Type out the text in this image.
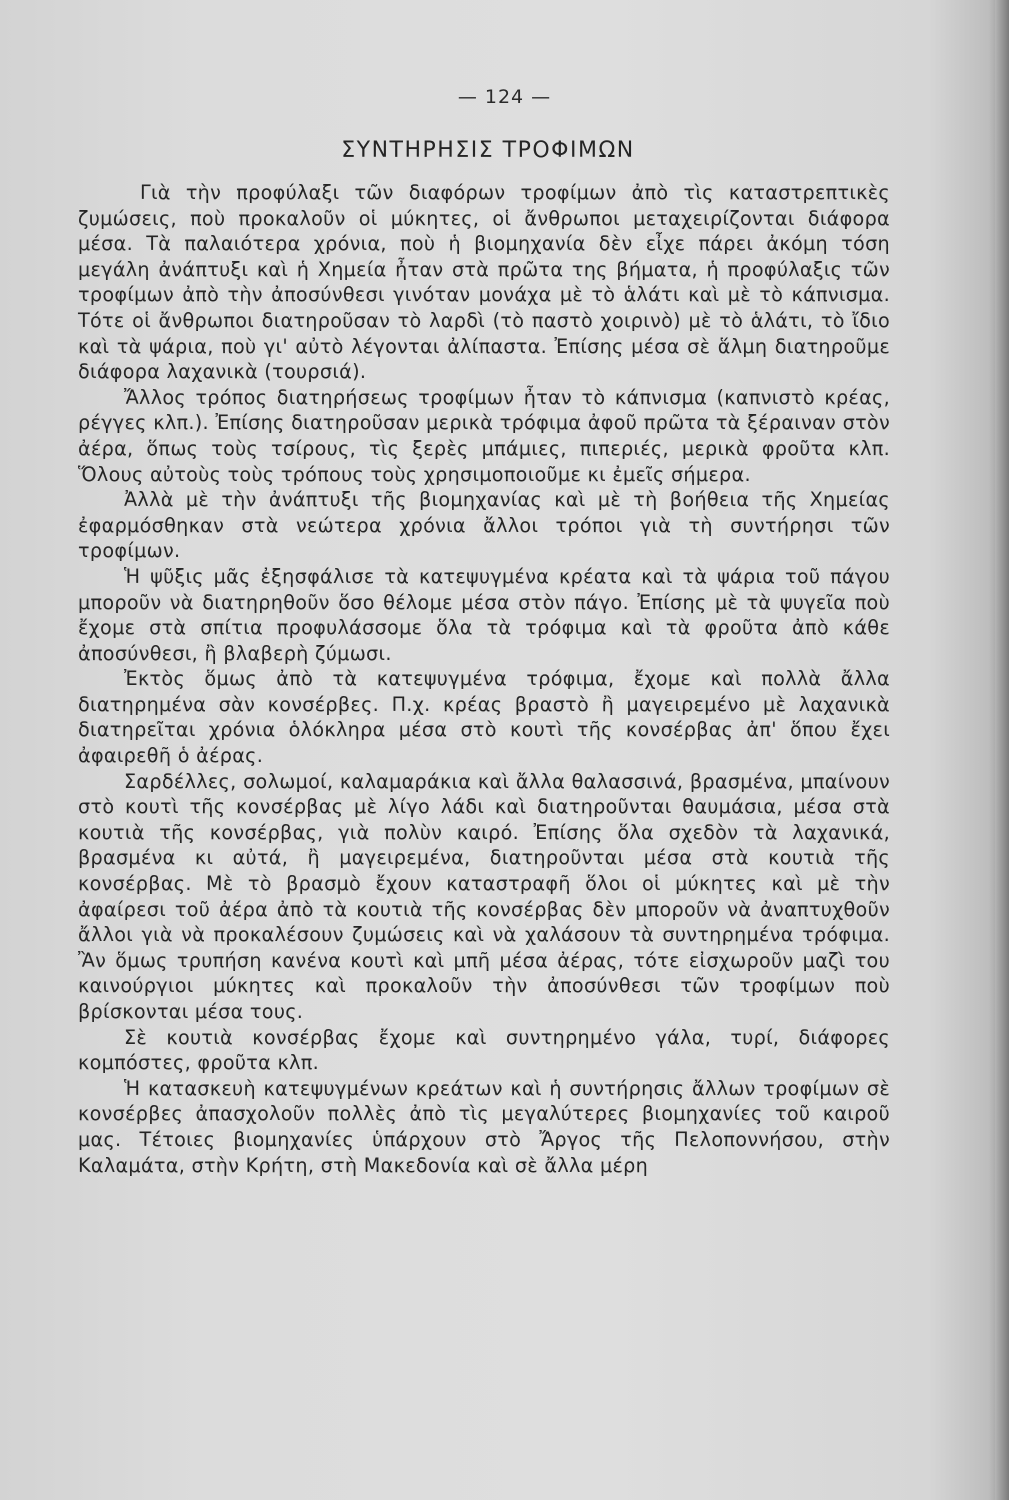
— 124 —
ΣΥΝΤΗΡΗΣΙΣ ΤΡΟΦΙΜΩΝ

Γιὰ τὴν προφύλαξι τῶν διαφόρων τροφίμων ἀπὸ τὶς καταστρεπτικὲς ζυμώσεις, ποὺ προκαλοῦν οἱ μύκητες, οἱ ἄνθρωποι μεταχειρίζονται διάφορα μέσα. Τὰ παλαιότερα χρόνια, ποὺ ἡ βιομηχανία δὲν εἶχε πάρει ἀκόμη τόση μεγάλη ἀνάπτυξι καὶ ἡ Χημεία ἦταν στὰ πρῶτα της βήματα, ἡ προφύλαξις τῶν τροφίμων ἀπὸ τὴν ἀποσύνθεσι γινόταν μονάχα μὲ τὸ ἁλάτι καὶ μὲ τὸ κάπνισμα. Τότε οἱ ἄνθρωποι διατηροῦσαν τὸ λαρδὶ (τὸ παστὸ χοιρινὸ) μὲ τὸ ἁλάτι, τὸ ἴδιο καὶ τὰ ψάρια, ποὺ γι' αὐτὸ λέγονται ἀλίπαστα. Ἐπίσης μέσα σὲ ἅλμη διατηροῦμε διάφορα λαχανικὰ (τουρσιά).

Ἄλλος τρόπος διατηρήσεως τροφίμων ἦταν τὸ κάπνισμα (καπνιστὸ κρέας, ρέγγες κλπ.). Ἐπίσης διατηροῦσαν μερικὰ τρόφιμα ἀφοῦ πρῶτα τὰ ξέραιναν στὸν ἀέρα, ὅπως τοὺς τσίρους, τὶς ξερὲς μπάμιες, πιπεριές, μερικὰ φροῦτα κλπ. Ὅλους αὐτοὺς τοὺς τρόπους τοὺς χρησιμοποιοῦμε κι ἐμεῖς σήμερα.

Ἀλλὰ μὲ τὴν ἀνάπτυξι τῆς βιομηχανίας καὶ μὲ τὴ βοήθεια τῆς Χημείας ἐφαρμόσθηκαν στὰ νεώτερα χρόνια ἄλλοι τρόποι γιὰ τὴ συντήρησι τῶν τροφίμων.

Ἡ ψῦξις μᾶς ἐξησφάλισε τὰ κατεψυγμένα κρέατα καὶ τὰ ψάρια τοῦ πάγου μποροῦν νὰ διατηρηθοῦν ὅσο θέλομε μέσα στὸν πάγο. Ἐπίσης μὲ τὰ ψυγεῖα ποὺ ἔχομε στὰ σπίτια προφυλάσσομε ὅλα τὰ τρόφιμα καὶ τὰ φροῦτα ἀπὸ κάθε ἀποσύνθεσι, ἢ βλαβερὴ ζύμωσι.

Ἐκτὸς ὅμως ἀπὸ τὰ κατεψυγμένα τρόφιμα, ἔχομε καὶ πολλὰ ἄλλα διατηρημένα σὰν κονσέρβες. Π.χ. κρέας βραστὸ ἢ μαγειρεμένο μὲ λαχανικὰ διατηρεῖται χρόνια ὁλόκληρα μέσα στὸ κουτὶ τῆς κονσέρβας ἀπ' ὅπου ἔχει ἀφαιρεθῆ ὁ ἀέρας.

Σαρδέλλες, σολωμοί, καλαμαράκια καὶ ἄλλα θαλασσινά, βρασμένα, μπαίνουν στὸ κουτὶ τῆς κονσέρβας μὲ λίγο λάδι καὶ διατηροῦνται θαυμάσια, μέσα στὰ κουτιὰ τῆς κονσέρβας, γιὰ πολὺν καιρό. Ἐπίσης ὅλα σχεδὸν τὰ λαχανικά, βρασμένα κι αὐτά, ἢ μαγειρεμένα, διατηροῦνται μέσα στὰ κουτιὰ τῆς κονσέρβας. Μὲ τὸ βρασμὸ ἔχουν καταστραφῆ ὅλοι οἱ μύκητες καὶ μὲ τὴν ἀφαίρεσι τοῦ ἀέρα ἀπὸ τὰ κουτιὰ τῆς κονσέρβας δὲν μποροῦν νὰ ἀναπτυχθοῦν ἄλλοι γιὰ νὰ προκαλέσουν ζυμώσεις καὶ νὰ χαλάσουν τὰ συντηρημένα τρόφιμα. Ἂν ὅμως τρυπήση κανένα κουτὶ καὶ μπῆ μέσα ἀέρας, τότε εἰσχωροῦν μαζὶ του καινούργιοι μύκητες καὶ προκαλοῦν τὴν ἀποσύνθεσι τῶν τροφίμων ποὺ βρίσκονται μέσα τους.

Σὲ κουτιὰ κονσέρβας ἔχομε καὶ συντηρημένο γάλα, τυρί, διάφορες κομπόστες, φροῦτα κλπ.

Ἡ κατασκευὴ κατεψυγμένων κρεάτων καὶ ἡ συντήρησις ἄλλων τροφίμων σὲ κονσέρβες ἀπασχολοῦν πολλὲς ἀπὸ τὶς μεγαλύτερες βιομηχανίες τοῦ καιροῦ μας. Τέτοιες βιομηχανίες ὑπάρχουν στὸ Ἄργος τῆς Πελοποννήσου, στὴν Καλαμάτα, στὴν Κρήτη, στὴ Μακεδονία καὶ σὲ ἄλλα μέρη
